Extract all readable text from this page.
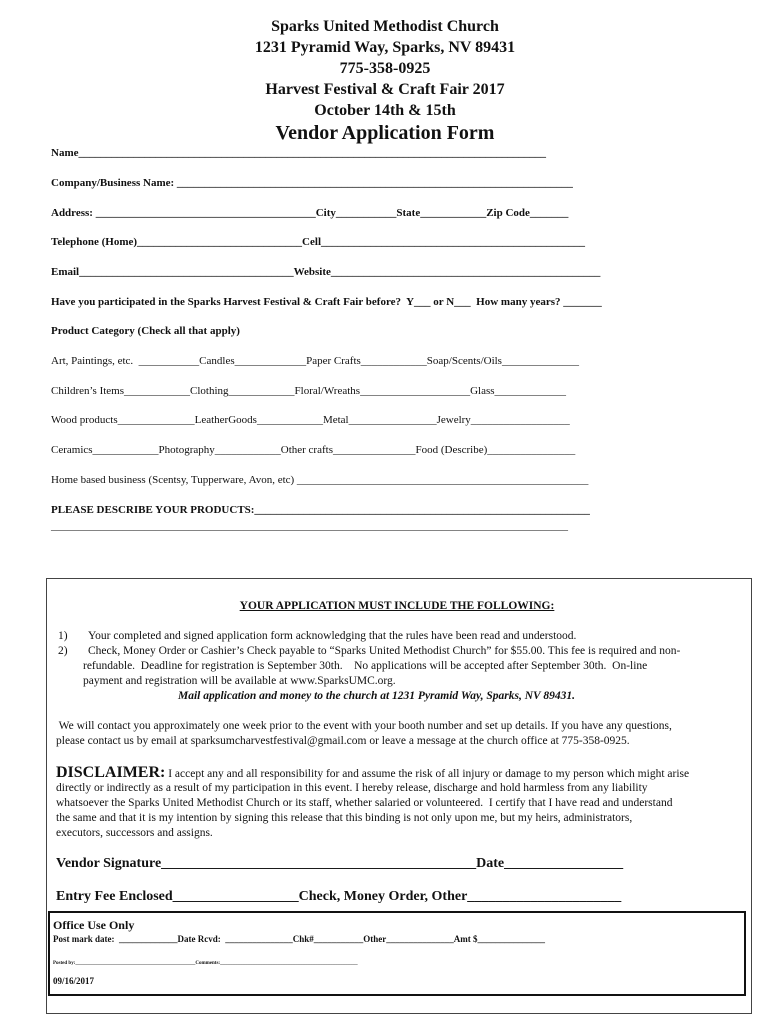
Sparks United Methodist Church
1231 Pyramid Way, Sparks, NV 89431
775-358-0925
Harvest Festival & Craft Fair 2017
October 14th & 15th
Vendor Application Form
Name_____________________________________________________________________________________
Company/Business Name: ________________________________________________________________________
Address: ________________________________________City___________State____________Zip Code_______
Telephone (Home)______________________________Cell________________________________________________
Email_______________________________________Website_________________________________________________
Have you participated in the Sparks Harvest Festival & Craft Fair before?  Y___ or N___  How many years? _______
Product Category (Check all that apply)
Art, Paintings, etc.  ___________Candles_____________Paper Crafts____________Soap/Scents/Oils______________
Children’s Items____________Clothing____________Floral/Wreaths____________________Glass_____________
Wood products______________LeatherGoods____________Metal________________Jewelry__________________
Ceramics____________Photography____________Other crafts_______________Food (Describe)________________
Home based business (Scentsy, Tupperware, Avon, etc) _____________________________________________________
PLEASE DESCRIBE YOUR PRODUCTS:_____________________________________________________________
______________________________________________________________________________________________
YOUR APPLICATION MUST INCLUDE THE FOLLOWING:
1) Your completed and signed application form acknowledging that the rules have been read and understood.
2) Check, Money Order or Cashier’s Check payable to “Sparks United Methodist Church” for $55.00. This fee is required and non-
refundable.  Deadline for registration is September 30th.    No applications will be accepted after September 30th.  On-line
payment and registration will be available at www.SparksUMC.org.
Mail application and money to the church at 1231 Pyramid Way, Sparks, NV 89431.
We will contact you approximately one week prior to the event with your booth number and set up details. If you have any questions,
please contact us by email at sparksumcharvestfestival@gmail.com or leave a message at the church office at 775-358-0925.
DISCLAIMER: I accept any and all responsibility for and assume the risk of all injury or damage to my person which might arise
directly or indirectly as a result of my participation in this event. I hereby release, discharge and hold harmless from any liability
whatsoever the Sparks United Methodist Church or its staff, whether salaried or volunteered.  I certify that I have read and understand
the same and that it is my intention by signing this release that this binding is not only upon me, but my heirs, administrators,
executors, successors and assigns.
Vendor Signature_____________________________________________Date_________________
Entry Fee Enclosed__________________Check, Money Order, Other______________________
Office Use Only
Post mark date:  _____________Date Rcvd:  _______________Chk#___________Other_______________Amt $_______________
Posted by:________________________________________________Comments:_______________________________________________________
09/16/2017
